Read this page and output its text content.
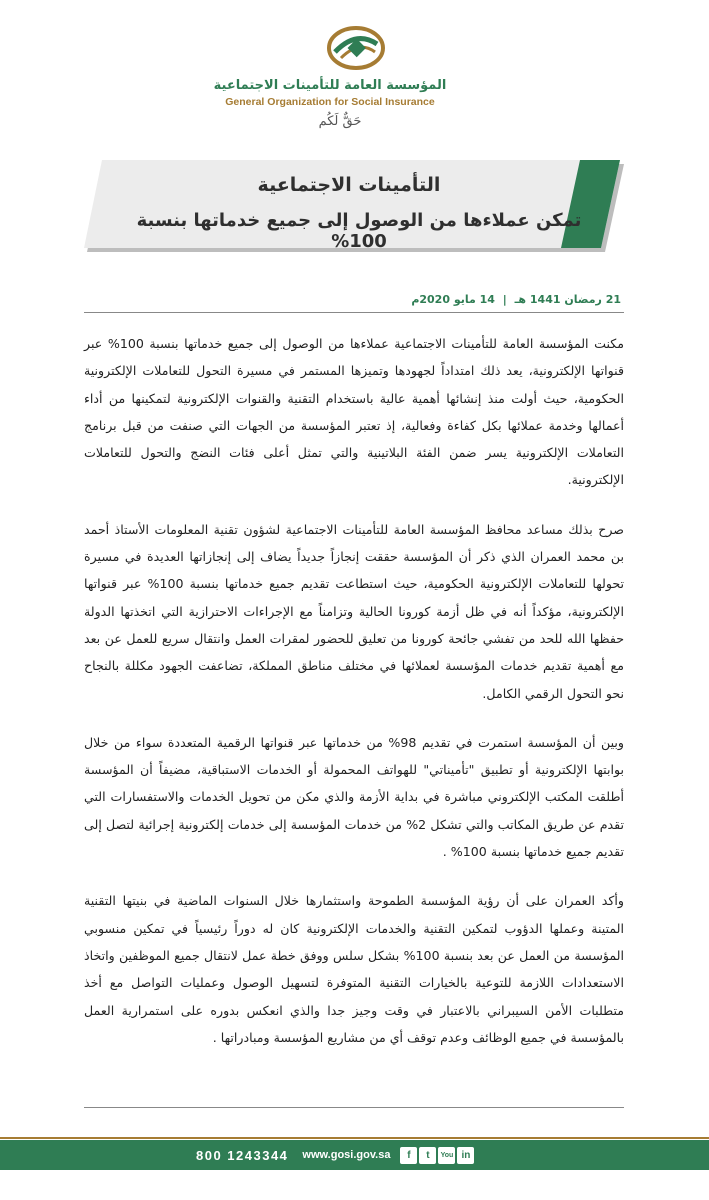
المؤسسة العامة للتأمينات الاجتماعية
General Organization for Social Insurance
حَقٌّ لَكُم
التأمينات الاجتماعية
تمكن عملاءها من الوصول إلى جميع خدماتها بنسبة 100%
21 رمضان 1441 هـ | 14 مايو 2020م

مكنت المؤسسة العامة للتأمينات الاجتماعية عملاءها من الوصول إلى جميع خدماتها بنسبة 100% عبر قنواتها الإلكترونية، يعد ذلك امتداداً لجهودها وتميزها المستمر في مسيرة التحول للتعاملات الإلكترونية الحكومية، حيث أولت منذ إنشائها أهمية عالية باستخدام التقنية والقنوات الإلكترونية لتمكينها من أداء أعمالها وخدمة عملائها بكل كفاءة وفعالية، إذ تعتبر المؤسسة من الجهات التي صنفت من قبل برنامج التعاملات الإلكترونية يسر ضمن الفئة البلاتينية والتي تمثل أعلى فئات النضج والتحول للتعاملات الإلكترونية.

صرح بذلك مساعد محافظ المؤسسة العامة للتأمينات الاجتماعية لشؤون تقنية المعلومات الأستاذ أحمد بن محمد العمران الذي ذكر أن المؤسسة حققت إنجازاً جديداً يضاف إلى إنجازاتها العديدة في مسيرة تحولها للتعاملات الإلكترونية الحكومية، حيث استطاعت تقديم جميع خدماتها بنسبة 100% عبر قنواتها الإلكترونية، مؤكداً أنه في ظل أزمة كورونا الحالية وتزامناً مع الإجراءات الاحترازية التي اتخذتها الدولة حفظها الله للحد من تفشي جائحة كورونا من تعليق للحضور لمقرات العمل وانتقال سريع للعمل عن بعد مع أهمية تقديم خدمات المؤسسة لعملائها في مختلف مناطق المملكة، تضاعفت الجهود مكللة بالنجاح نحو التحول الرقمي الكامل.

وبين أن المؤسسة استمرت في تقديم 98% من خدماتها عبر قنواتها الرقمية المتعددة سواء من خلال بوابتها الإلكترونية أو تطبيق "تأميناتي" للهواتف المحمولة أو الخدمات الاستباقية، مضيفاً أن المؤسسة أطلقت المكتب الإلكتروني مباشرة في بداية الأزمة والذي مكن من تحويل الخدمات والاستفسارات التي تقدم عن طريق المكاتب والتي تشكل 2% من خدمات المؤسسة إلى خدمات إلكترونية إجرائية لتصل إلى تقديم جميع خدماتها بنسبة 100% .

وأكد العمران على أن رؤية المؤسسة الطموحة واستثمارها خلال السنوات الماضية في بنيتها التقنية المتينة وعملها الدؤوب لتمكين التقنية والخدمات الإلكترونية كان له دوراً رئيسياً في تمكين منسوبي المؤسسة من العمل عن بعد بنسبة 100% بشكل سلس ووفق خطة عمل لانتقال جميع الموظفين واتخاذ الاستعدادات اللازمة للتوعية بالخيارات التقنية المتوفرة لتسهيل الوصول وعمليات التواصل مع أخذ متطلبات الأمن السيبراني بالاعتبار في وقت وجيز جدا والذي انعكس بدوره على استمرارية العمل بالمؤسسة في جميع الوظائف وعدم توقف أي من مشاريع المؤسسة ومبادراتها .

800 1243344 www.gosi.gov.sa	f	t	You in
